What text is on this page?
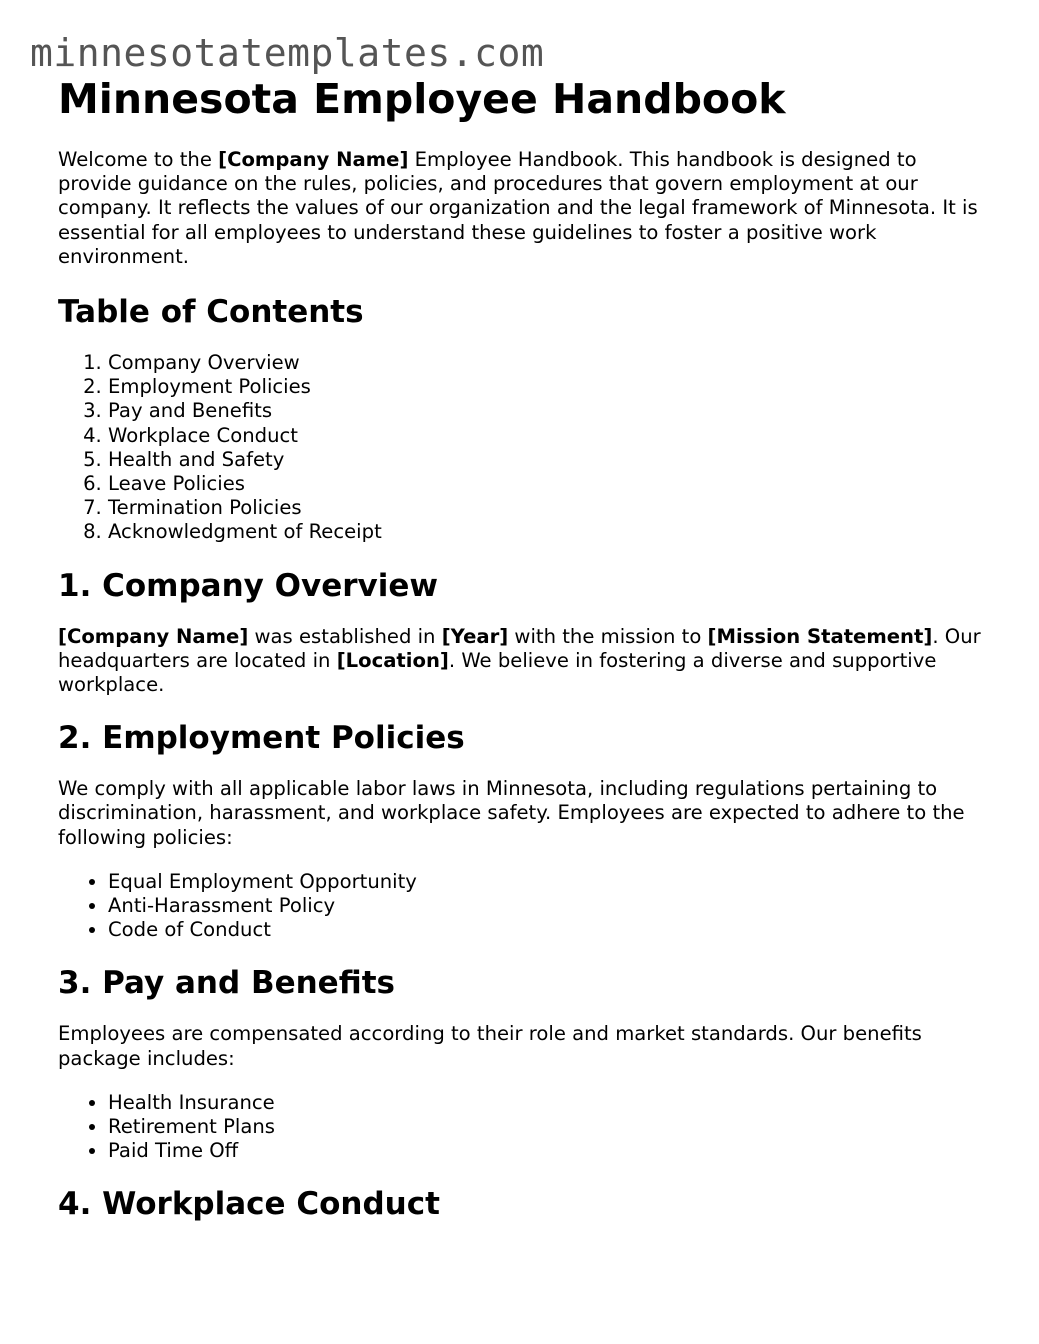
minnesotatemplates.com
Minnesota Employee Handbook

Welcome to the [Company Name] Employee Handbook. This handbook is designed to provide guidance on the rules, policies, and procedures that govern employment at our company. It reflects the values of our organization and the legal framework of Minnesota. It is essential for all employees to understand these guidelines to foster a positive work environment.

Table of Contents
1. Company Overview
2. Employment Policies
3. Pay and Benefits
4. Workplace Conduct
5. Health and Safety
6. Leave Policies
7. Termination Policies
8. Acknowledgment of Receipt
1. Company Overview

[Company Name] was established in [Year] with the mission to [Mission Statement]. Our headquarters are located in [Location]. We believe in fostering a diverse and supportive workplace.

2. Employment Policies

We comply with all applicable labor laws in Minnesota, including regulations pertaining to discrimination, harassment, and workplace safety. Employees are expected to adhere to the following policies:

• Equal Employment Opportunity
• Anti-Harassment Policy
• Code of Conduct
3. Pay and Benefits

Employees are compensated according to their role and market standards. Our benefits package includes:

• Health Insurance
• Retirement Plans
• Paid Time Off
4. Workplace Conduct
